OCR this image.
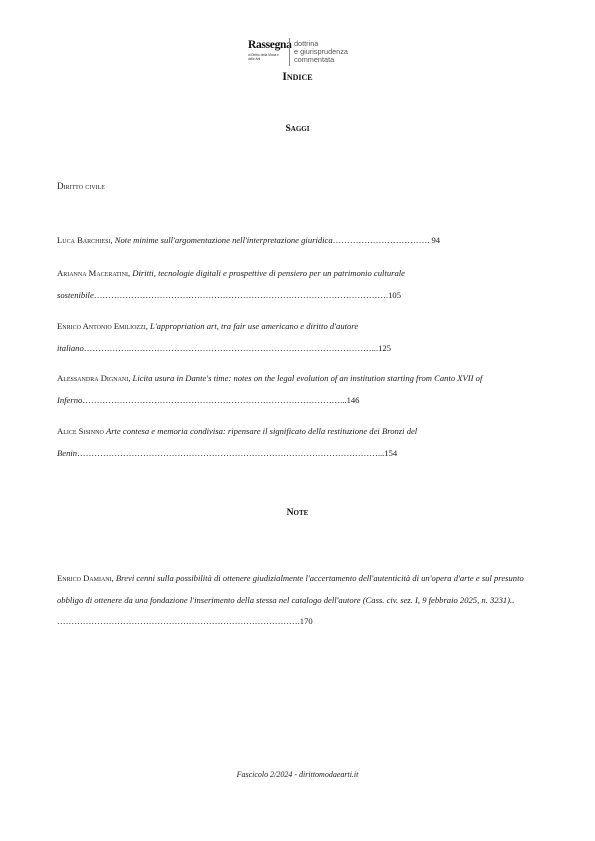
Rassegna
di Diritto della Moda e delle Arti
dottrina
e giurisprudenza
commentata
Indice
Saggi
Diritto civile
Luca Barchiesi, Note minime sull'argomentazione nell'interpretazione giuridica……………………………. 94
Arianna Maceratini, Diritti, tecnologie digitali e prospettive di pensiero per un patrimonio culturale sostenibile………………………………………………………………………………………….105
Enrico Antonio Emiliozzi, L'appropriation art, tra fair use americano e diritto d'autore italiano……………..…………………………………………………………………………...125
Alessandra Dignani, Licita usura in Dante's time: notes on the legal evolution of an institution starting from Canto XVII of Inferno………………………………………………………………………………...146
Alice Sisinno Arte contesa e memoria condivisa: ripensare il significato della restituzione dei Bronzi del Benin……………………………………………………………………………………………...154
Note
Enrico Damiani, Brevi cenni sulla possibilità di ottenere giudizialmente l'accertamento dell'autenticità di un'opera d'arte e sul presunto obbligo di ottenere da una fondazione l'inserimento della stessa nel catalogo dell'autore (Cass. civ. sez. I, 9 febbraio 2025, n. 3231).. ………………………………………………………………………….170
Fascicolo 2/2024 - dirittomodaearti.it
